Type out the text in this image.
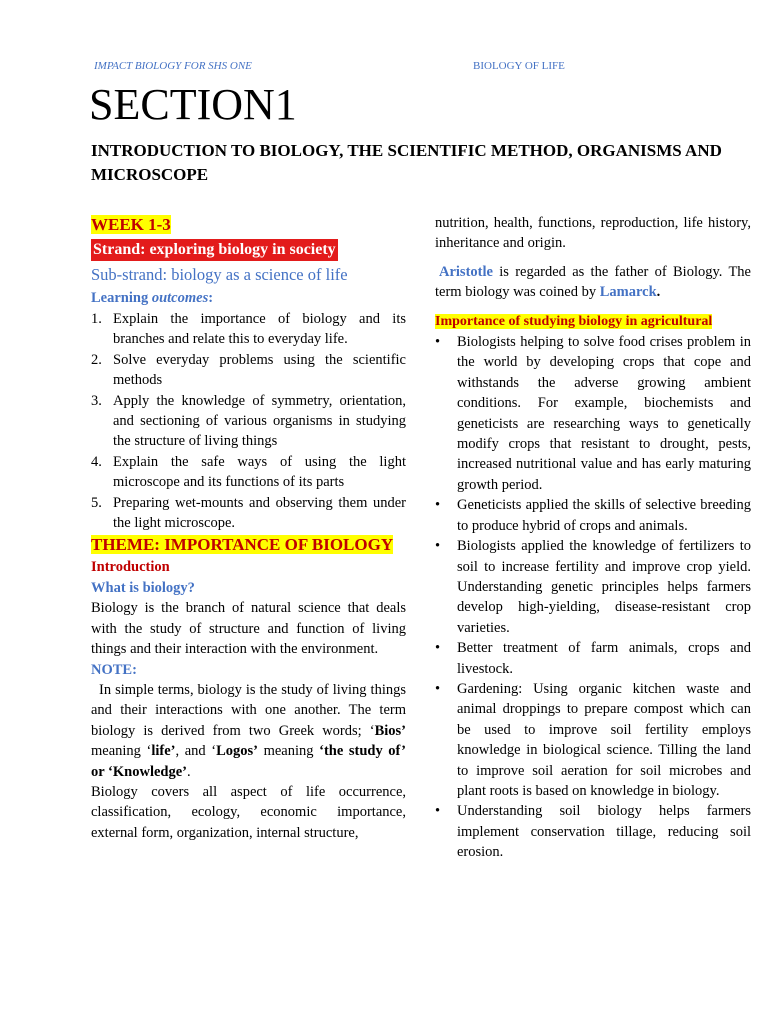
IMPACT BIOLOGY FOR SHS ONE	BIOLOGY OF LIFE
SECTION1
INTRODUCTION TO BIOLOGY, THE SCIENTIFIC METHOD, ORGANISMS AND MICROSCOPE
WEEK 1-3
Strand: exploring biology in society
Sub-strand: biology as a science of life
Learning outcomes:
1. Explain the importance of biology and its branches and relate this to everyday life.
2. Solve everyday problems using the scientific methods
3. Apply the knowledge of symmetry, orientation, and sectioning of various organisms in studying the structure of living things
4. Explain the safe ways of using the light microscope and its functions of its parts
5. Preparing wet-mounts and observing them under the light microscope.
THEME: IMPORTANCE OF BIOLOGY
Introduction
What is biology?

Biology is the branch of natural science that deals with the study of structure and function of living things and their interaction with the environment.

NOTE:

In simple terms, biology is the study of living things and their interactions with one another. The term biology is derived from two Greek words; ‘Bios’ meaning ‘life’, and ‘Logos’ meaning ‘the study of’ or ‘Knowledge’.

Biology covers all aspect of life occurrence, classification, ecology, economic importance, external form, organization, internal structure,

nutrition, health, functions, reproduction, life history, inheritance and origin.

Aristotle is regarded as the father of Biology. The term biology was coined by Lamarck.

Importance of studying biology in agricultural
• Biologists helping to solve food crises problem in the world by developing crops that cope and withstands the adverse growing ambient conditions. For example, biochemists and geneticists are researching ways to genetically modify crops that resistant to drought, pests, increased nutritional value and has early maturing growth period.
• Geneticists applied the skills of selective breeding to produce hybrid of crops and animals.
• Biologists applied the knowledge of fertilizers to soil to increase fertility and improve crop yield. Understanding genetic principles helps farmers develop high-yielding, disease-resistant crop varieties.
• Better treatment of farm animals, crops and livestock.
• Gardening: Using organic kitchen waste and animal droppings to prepare compost which can be used to improve soil fertility employs knowledge in biological science. Tilling the land to improve soil aeration for soil microbes and plant roots is based on knowledge in biology.
• Understanding soil biology helps farmers implement conservation tillage, reducing soil erosion.
